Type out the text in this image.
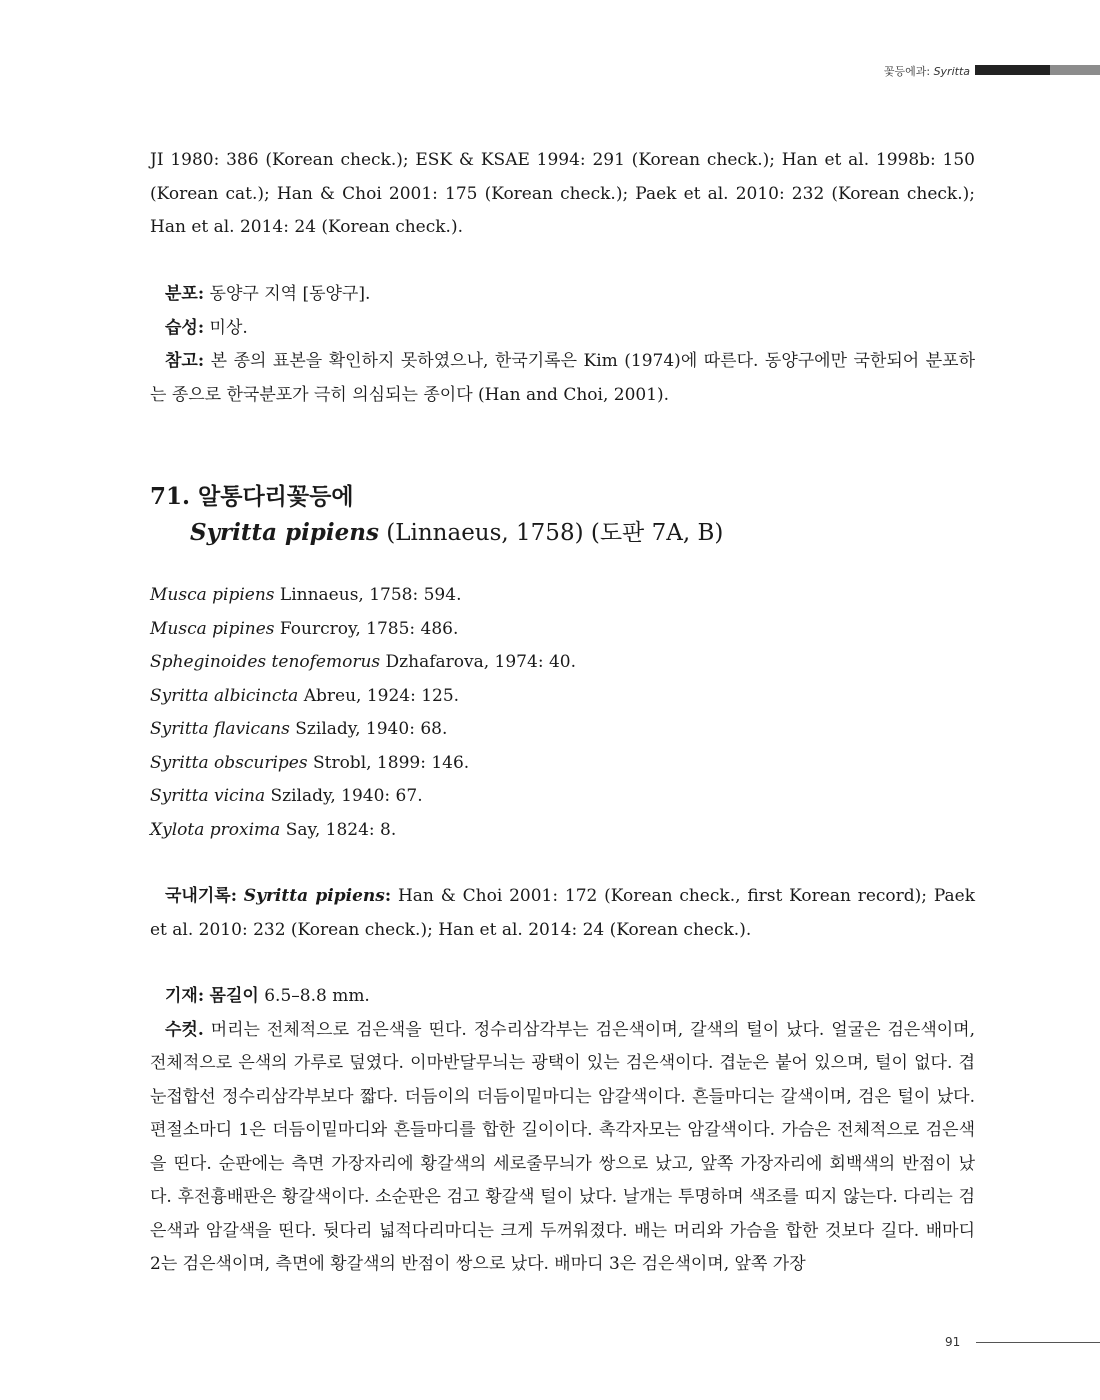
꽃등에과: Syritta

JI 1980: 386 (Korean check.); ESK & KSAE 1994: 291 (Korean check.); Han et al. 1998b: 150 (Korean cat.); Han & Choi 2001: 175 (Korean check.); Paek et al. 2010: 232 (Korean check.); Han et al. 2014: 24 (Korean check.).

분포: 동양구 지역 [동양구].

습성: 미상.

참고: 본 종의 표본을 확인하지 못하였으나, 한국기록은 Kim (1974)에 따른다. 동양구에만 국한되어 분포하는 종으로 한국분포가 극히 의심되는 종이다 (Han and Choi, 2001).

71. 알통다리꽃등에
Syritta pipiens (Linnaeus, 1758) (도판 7A, B)

Musca pipiens Linnaeus, 1758: 594.

Musca pipines Fourcroy, 1785: 486.

Spheginoides tenofemorus Dzhafarova, 1974: 40.

Syritta albicincta Abreu, 1924: 125.

Syritta flavicans Szilady, 1940: 68.

Syritta obscuripes Strobl, 1899: 146.

Syritta vicina Szilady, 1940: 67.

Xylota proxima Say, 1824: 8.

국내기록: Syritta pipiens: Han & Choi 2001: 172 (Korean check., first Korean record); Paek et al. 2010: 232 (Korean check.); Han et al. 2014: 24 (Korean check.).

기재: 몸길이 6.5–8.8 mm.

수컷. 머리는 전체적으로 검은색을 띤다. 정수리삼각부는 검은색이며, 갈색의 털이 났다. 얼굴은 검은색이며, 전체적으로 은색의 가루로 덮였다. 이마반달무늬는 광택이 있는 검은색이다. 겹눈은 붙어 있으며, 털이 없다. 겹눈접합선 정수리삼각부보다 짧다. 더듬이의 더듬이밑마디는 암갈색이다. 흔들마디는 갈색이며, 검은 털이 났다. 편절소마디 1은 더듬이밑마디와 흔들마디를 합한 길이이다. 촉각자모는 암갈색이다. 가슴은 전체적으로 검은색을 띤다. 순판에는 측면 가장자리에 황갈색의 세로줄무늬가 쌍으로 났고, 앞쪽 가장자리에 회백색의 반점이 났다. 후전흉배판은 황갈색이다. 소순판은 검고 황갈색 털이 났다. 날개는 투명하며 색조를 띠지 않는다. 다리는 검은색과 암갈색을 띤다. 뒷다리 넓적다리마디는 크게 두꺼워졌다. 배는 머리와 가슴을 합한 것보다 길다. 배마디 2는 검은색이며, 측면에 황갈색의 반점이 쌍으로 났다. 배마디 3은 검은색이며, 앞쪽 가장

91
